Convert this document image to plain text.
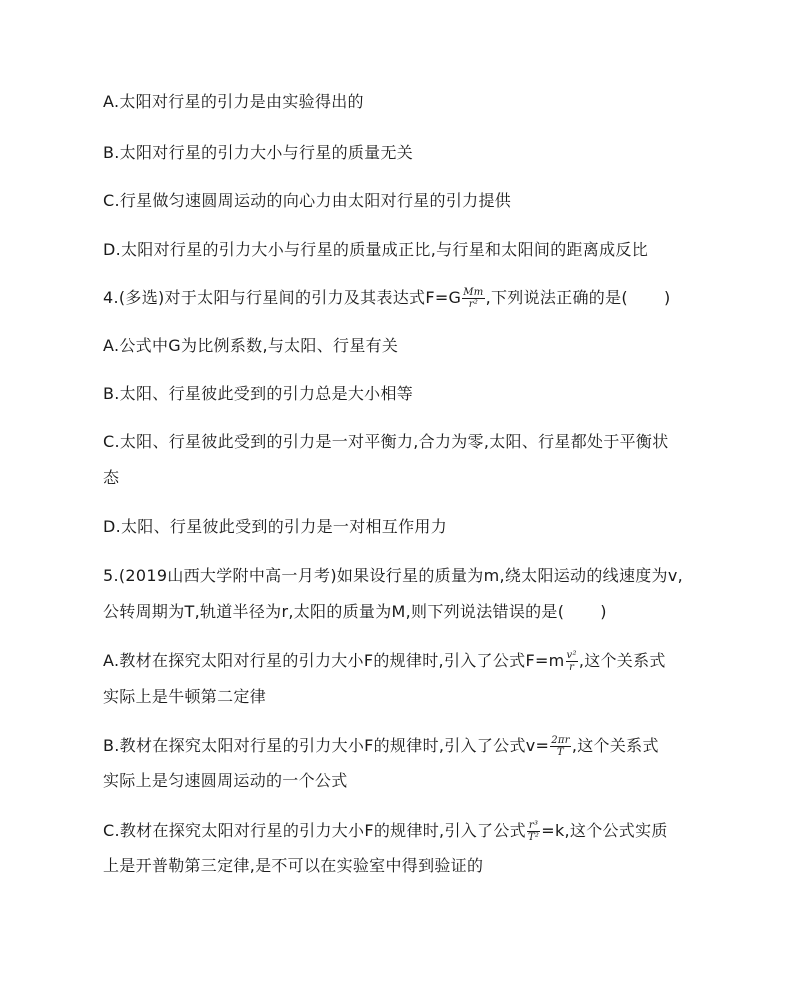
A.太阳对行星的引力是由实验得出的
B.太阳对行星的引力大小与行星的质量无关
C.行星做匀速圆周运动的向心力由太阳对行星的引力提供
D.太阳对行星的引力大小与行星的质量成正比,与行星和太阳间的距离成反比
4.(多选)对于太阳与行星间的引力及其表达式$F=G \frac{Mm}{\text{r²}}$ ,下列说法正确的是( )
A.公式中G为比例系数,与太阳、行星有关
B.太阳、行星彼此受到的引力总是大小相等
C.太阳、行星彼此受到的引力是一对平衡力,合力为零,太阳、行星都处于平衡状
态
D.太阳、行星彼此受到的引力是一对相互作用力
5.(2019山西大学附中高一月考)如果设行星的质量为m,绕太阳运动的线速度为v,
公转周期为T,轨道半径为r,太阳的质量为M,则下列说法错误的是( )
A.教材在探究太阳对行星的引力大小F的规律时,引入了公式$F=m \frac{\text{v²}}{r}$ ,这个关系式
实际上是牛顿第二定律
B.教材在探究太阳对行星的引力大小F的规律时,引入了公式$v= \frac{2\pi r}{T}$ ,这个关系式
实际上是匀速圆周运动的一个公式
C.教材在探究太阳对行星的引力大小F的规律时,引入了公式 $\frac{\text{r³}}{\text{T²}} =k$,这个公式实质
上是开普勒第三定律,是不可以在实验室中得到验证的
